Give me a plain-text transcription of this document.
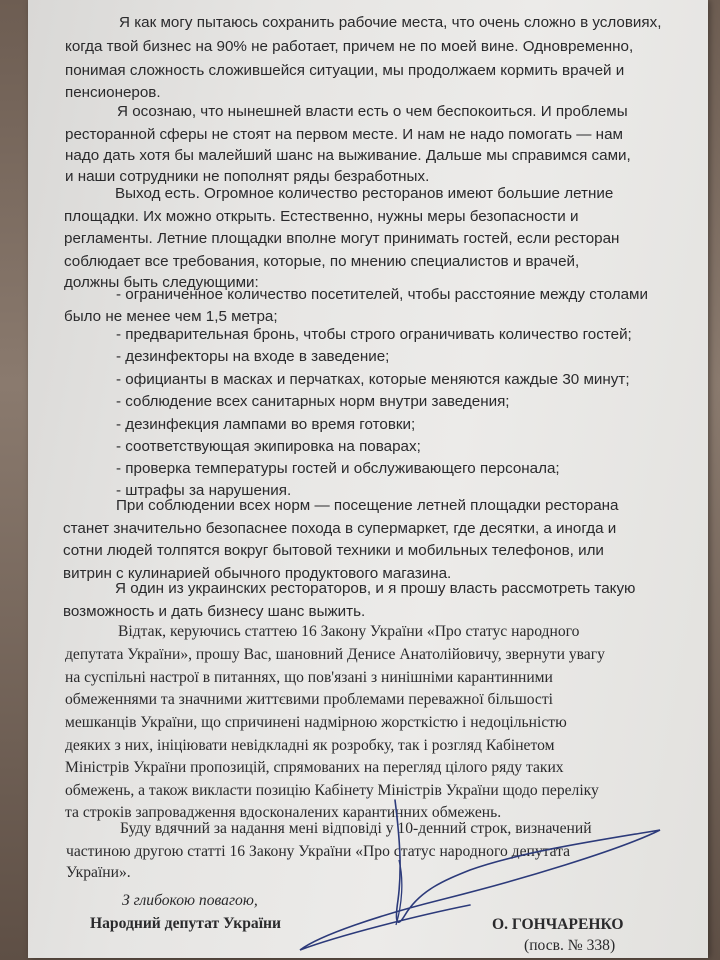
Я как могу пытаюсь сохранить рабочие места, что очень сложно в условиях,
когда твой бизнес на 90% не работает, причем не по моей вине. Одновременно,
понимая сложность сложившейся ситуации, мы продолжаем кормить врачей и
пенсионеров.
Я осознаю, что нынешней власти есть о чем беспокоиться. И проблемы
ресторанной сферы не стоят на первом месте. И нам не надо помогать — нам
надо дать хотя бы малейший шанс на выживание. Дальше мы справимся сами,
и наши сотрудники не пополнят ряды безработных.
Выход есть. Огромное количество ресторанов имеют большие летние
площадки. Их можно открыть. Естественно, нужны меры безопасности и
регламенты. Летние площадки вполне могут принимать гостей, если ресторан
соблюдает все требования, которые, по мнению специалистов и врачей,
должны быть следующими:
- ограниченное количество посетителей, чтобы расстояние между столами
было не менее чем 1,5 метра;
- предварительная бронь, чтобы строго ограничивать количество гостей;
- дезинфекторы на входе в заведение;
- официанты в масках и перчатках, которые меняются каждые 30 минут;
- соблюдение всех санитарных норм внутри заведения;
- дезинфекция лампами во время готовки;
- соответствующая экипировка на поварах;
- проверка температуры гостей и обслуживающего персонала;
- штрафы за нарушения.
При соблюдении всех норм — посещение летней площадки ресторана
станет значительно безопаснее похода в супермаркет, где десятки, а иногда и
сотни людей толпятся вокруг бытовой техники и мобильных телефонов, или
витрин с кулинарией обычного продуктового магазина.
Я один из украинских рестораторов, и я прошу власть рассмотреть такую
возможность и дать бизнесу шанс выжить.
Відтак, керуючись статтею 16 Закону України «Про статус народного
депутата України», прошу Вас, шановний Денисе Анатолійовичу, звернути увагу
на суспільні настрої в питаннях, що пов'язані з нинішніми карантинними
обмеженнями та значними життєвими проблемами переважної більшості
мешканців України, що спричинені надмірною жорсткістю і недоцільністю
деяких з них, ініціювати невідкладні як розробку, так і розгляд Кабінетом
Міністрів України пропозицій, спрямованих на перегляд цілого ряду таких
обмежень, а також викласти позицію Кабінету Міністрів України щодо переліку
та строків запровадження вдосконалених карантинних обмежень.
Буду вдячний за надання мені відповіді у 10-денний строк, визначений
частиною другою статті 16 Закону України «Про статус народного депутата
України».
З глибокою повагою,
Народний депутат України	О. ГОНЧАРЕНКО
(посв. № 338)
